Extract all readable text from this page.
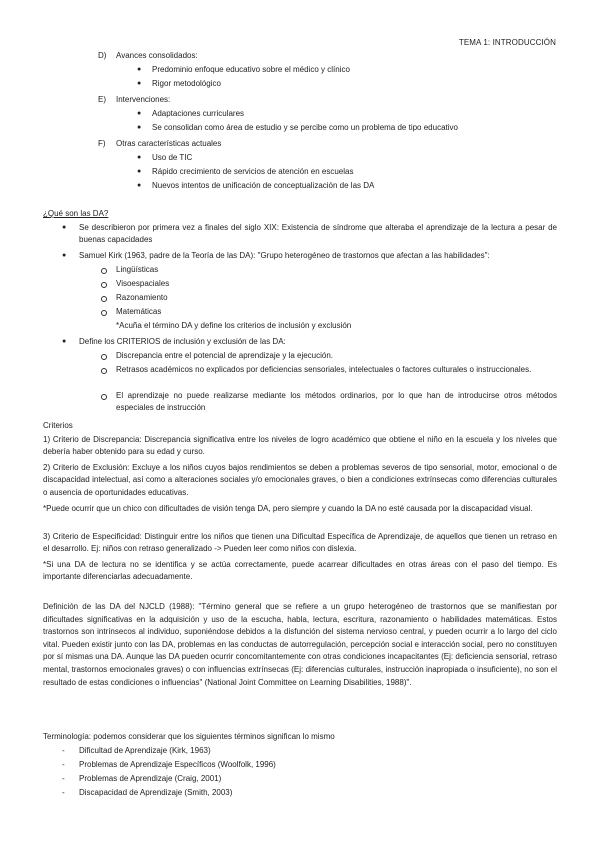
TEMA 1: INTRODUCCIÓN
D) Avances consolidados:
● Predominio enfoque educativo sobre el médico y clínico
● Rigor metodológico
E) Intervenciones:
● Adaptaciones curriculares
● Se consolidan como área de estudio y se percibe como un problema de tipo educativo
F) Otras características actuales
● Uso de TIC
● Rápido crecimiento de servicios de atención en escuelas
● Nuevos intentos de unificación de conceptualización de las DA
¿Qué son las DA?
● Se describieron por primera vez a finales del siglo XIX: Existencia de síndrome que alteraba el aprendizaje de la lectura a pesar de buenas capacidades
● Samuel Kirk (1963, padre de la Teoría de las DA): "Grupo heterogéneo de trastornos que afectan a las habilidades":
Lingüísticas
Visoespaciales
Razonamiento
Matemáticas
*Acuña el término DA y define los criterios de inclusión y exclusión
● Define los CRITERIOS de inclusión y exclusión de las DA:
Discrepancia entre el potencial de aprendizaje y la ejecución.
Retrasos académicos no explicados por deficiencias sensoriales, intelectuales o factores culturales o instruccionales.
El aprendizaje no puede realizarse mediante los métodos ordinarios, por lo que han de introducirse otros métodos especiales de instrucción
Criterios
1) Criterio de Discrepancia: Discrepancia significativa entre los niveles de logro académico que obtiene el niño en la escuela y los niveles que debería haber obtenido para su edad y curso.
2) Criterio de Exclusión: Excluye a los niños cuyos bajos rendimientos se deben a problemas severos de tipo sensorial, motor, emocional o de discapacidad intelectual, así como a alteraciones sociales y/o emocionales graves, o bien a condiciones extrínsecas como diferencias culturales o ausencia de oportunidades educativas.
*Puede ocurrir que un chico con dificultades de visión tenga DA, pero siempre y cuando la DA no esté causada por la discapacidad visual.
3) Criterio de Especificidad: Distinguir entre los niños que tienen una Dificultad Específica de Aprendizaje, de aquellos que tienen un retraso en el desarrollo. Ej: niños con retraso generalizado -> Pueden leer como niños con dislexia.
*Si una DA de lectura no se identifica y se actúa correctamente, puede acarrear dificultades en otras áreas con el paso del tiempo. Es importante diferenciarlas adecuadamente.
Definición de las DA del NJCLD (1988): "Término general que se refiere a un grupo heterogéneo de trastornos que se manifiestan por dificultades significativas en la adquisición y uso de la escucha, habla, lectura, escritura, razonamiento o habilidades matemáticas. Estos trastornos son intrínsecos al individuo, suponiéndose debidos a la disfunción del sistema nervioso central, y pueden ocurrir a lo largo del ciclo vital. Pueden existir junto con las DA, problemas en las conductas de autorregulación, percepción social e interacción social, pero no constituyen por sí mismas una DA. Aunque las DA pueden ocurrir concomitantemente con otras condiciones incapacitantes (Ej: deficiencia sensorial, retraso mental, trastornos emocionales graves) o con influencias extrínsecas (Ej: diferencias culturales, instrucción inapropiada o insuficiente), no son el resultado de estas condiciones o influencias" (National Joint Committee on Learning Disabilities, 1988)".
Terminología: podemos considerar que los siguientes términos significan lo mismo
- Dificultad de Aprendizaje (Kirk, 1963)
- Problemas de Aprendizaje Específicos (Woolfolk, 1996)
- Problemas de Aprendizaje (Craig, 2001)
- Discapacidad de Aprendizaje (Smith, 2003)
